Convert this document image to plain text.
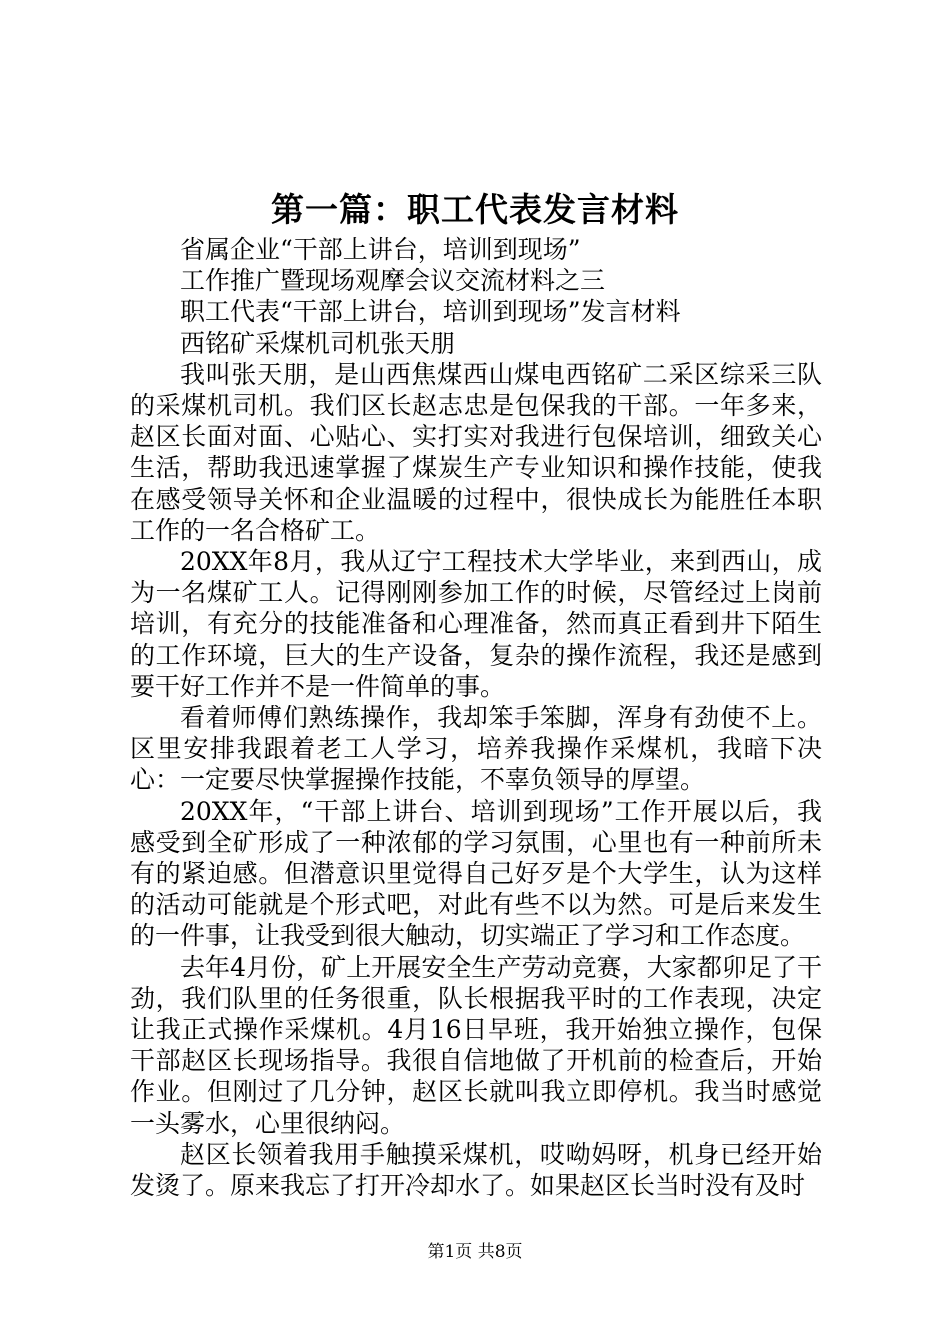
第一篇：职工代表发言材料

省属企业“干部上讲台，培训到现场”

工作推广暨现场观摩会议交流材料之三

职工代表“干部上讲台，培训到现场”发言材料

西铭矿采煤机司机张天朋

我叫张天朋，是山西焦煤西山煤电西铭矿二采区综采三队的采煤机司机。我们区长赵志忠是包保我的干部。一年多来，赵区长面对面、心贴心、实打实对我进行包保培训，细致关心生活，帮助我迅速掌握了煤炭生产专业知识和操作技能，使我在感受领导关怀和企业温暖的过程中，很快成长为能胜任本职工作的一名合格矿工。

20XX年8月，我从辽宁工程技术大学毕业，来到西山，成为一名煤矿工人。记得刚刚参加工作的时候，尽管经过上岗前培训，有充分的技能准备和心理准备，然而真正看到井下陌生的工作环境，巨大的生产设备，复杂的操作流程，我还是感到要干好工作并不是一件简单的事。

看着师傅们熟练操作，我却笨手笨脚，浑身有劲使不上。区里安排我跟着老工人学习，培养我操作采煤机，我暗下决心：一定要尽快掌握操作技能，不辜负领导的厚望。

20XX年，“干部上讲台、培训到现场”工作开展以后，我感受到全矿形成了一种浓郁的学习氛围，心里也有一种前所未有的紧迫感。但潜意识里觉得自己好歹是个大学生，认为这样的活动可能就是个形式吧，对此有些不以为然。可是后来发生的一件事，让我受到很大触动，切实端正了学习和工作态度。

去年4月份，矿上开展安全生产劳动竞赛，大家都卯足了干劲，我们队里的任务很重，队长根据我平时的工作表现，决定让我正式操作采煤机。4月16日早班，我开始独立操作，包保干部赵区长现场指导。我很自信地做了开机前的检查后，开始作业。但刚过了几分钟，赵区长就叫我立即停机。我当时感觉一头雾水，心里很纳闷。

赵区长领着我用手触摸采煤机，哎呦妈呀，机身已经开始发烫了。原来我忘了打开冷却水了。如果赵区长当时没有及时

第1页 共8页
